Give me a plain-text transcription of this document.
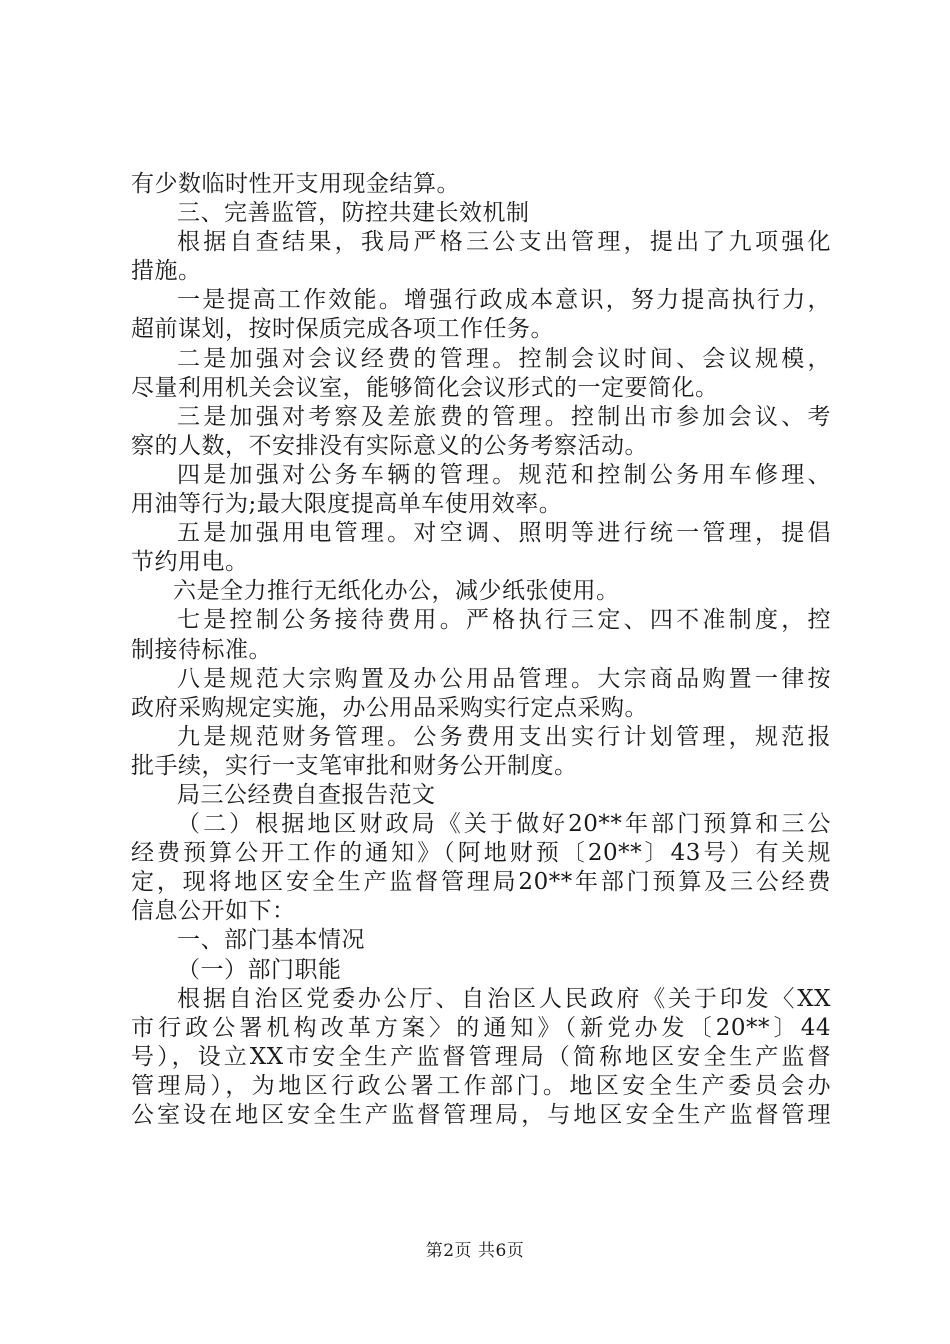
有少数临时性开支用现金结算。
三、完善监管，防控共建长效机制
根据自查结果，我局严格三公支出管理，提出了九项强化
措施。
一是提高工作效能。增强行政成本意识，努力提高执行力，
超前谋划，按时保质完成各项工作任务。
二是加强对会议经费的管理。控制会议时间、会议规模，
尽量利用机关会议室，能够简化会议形式的一定要简化。
三是加强对考察及差旅费的管理。控制出市参加会议、考
察的人数，不安排没有实际意义的公务考察活动。
四是加强对公务车辆的管理。规范和控制公务用车修理、
用油等行为;最大限度提高单车使用效率。
五是加强用电管理。对空调、照明等进行统一管理，提倡
节约用电。
六是全力推行无纸化办公，减少纸张使用。
七是控制公务接待费用。严格执行三定、四不准制度，控
制接待标准。
八是规范大宗购置及办公用品管理。大宗商品购置一律按
政府采购规定实施，办公用品采购实行定点采购。
九是规范财务管理。公务费用支出实行计划管理，规范报
批手续，实行一支笔审批和财务公开制度。
局三公经费自查报告范文
（二）根据地区财政局《关于做好20**年部门预算和三公
经费预算公开工作的通知》（阿地财预〔20**〕43号）有关规
定，现将地区安全生产监督管理局20**年部门预算及三公经费
信息公开如下：
一、部门基本情况
（一）部门职能
根据自治区党委办公厅、自治区人民政府《关于印发〈XX
市行政公署机构改革方案〉的通知》（新党办发〔20**〕44
号），设立XX市安全生产监督管理局（简称地区安全生产监督
管理局），为地区行政公署工作部门。地区安全生产委员会办
公室设在地区安全生产监督管理局，与地区安全生产监督管理
第2页 共6页
